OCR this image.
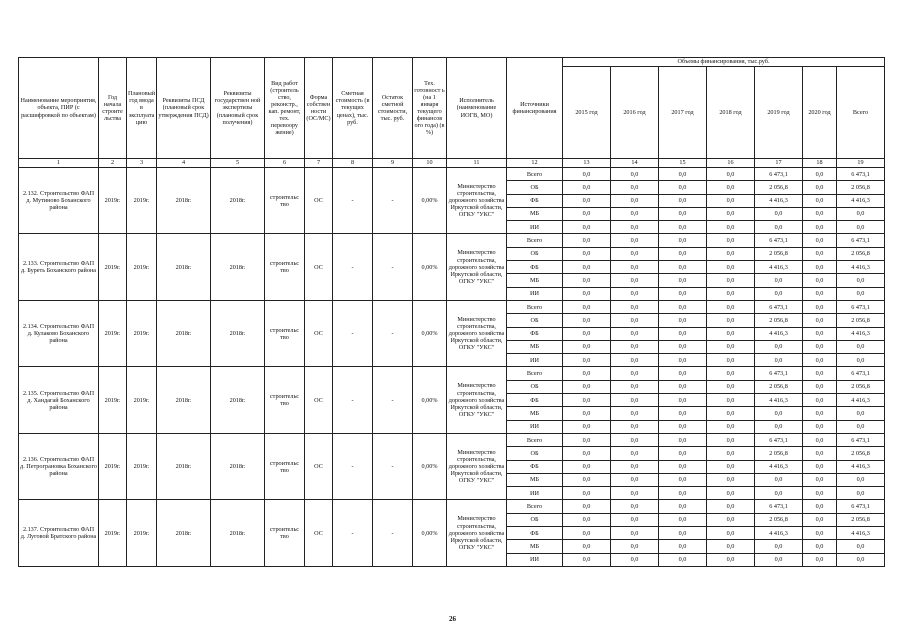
Наименование мероприятия, объекта, ПИР (с расшифровкой по объектам)	Год начала строите льства	Плановый год ввода в эксплуата цию	Реквизиты ПСД (плановый срок утверждения ПСД)	Реквизиты государствен ной экспертизы (плановый срок получения)	Вид работ (строитель ство, реконстр., кап. ремонт, тех. перевоору жение)	Форма собствен ности (ОС/МС)	Сметная стоимость (в текущих ценах), тыс. руб.	Остаток сметной стоимости, тыс. руб.	Тех. готовност ь (на 1 января текущего финансов ого года) (в %)	Исполнитель (наименование ИОГВ, МО)	Источники финансирования	Объемы финансирования, тыс.руб.						
												2015 год	2016 год	2017 год	2018 год	2019 год	2020 год	Всего
1	2	3	4	5	6	7	8	9	10	11	12	13	14	15	16	17	18	19
2.132. Строительство ФАП д. Мутиново Боханского района	2019г.	2019г.	2018г.	2018г.	строительс тво	ОС	-	-	0,00%	Министерство строительства, дорожного хозяйства Иркутской области, ОГКУ "УКС"	Всего	0,0	0,0	0,0	0,0	6 473,1	0,0	6 473,1
											ОБ	0,0	0,0	0,0	0,0	2 056,8	0,0	2 056,8
											ФБ	0,0	0,0	0,0	0,0	4 416,3	0,0	4 416,3
											МБ	0,0	0,0	0,0	0,0	0,0	0,0	0,0
											ИИ	0,0	0,0	0,0	0,0	0,0	0,0	0,0
2.133. Строительство ФАП д. Буреть Боханского района	2019г.	2019г.	2018г.	2018г.	строительс тво	ОС	-	-	0,00%	Министерство строительства, дорожного хозяйства Иркутской области, ОГКУ "УКС"	Всего	0,0	0,0	0,0	0,0	6 473,1	0,0	6 473,1
											ОБ	0,0	0,0	0,0	0,0	2 056,8	0,0	2 056,8
											ФБ	0,0	0,0	0,0	0,0	4 416,3	0,0	4 416,3
											МБ	0,0	0,0	0,0	0,0	0,0	0,0	0,0
											ИИ	0,0	0,0	0,0	0,0	0,0	0,0	0,0
2.134. Строительство ФАП д. Кулаково Боханского района	2019г.	2019г.	2018г.	2018г.	строительс тво	ОС	-	-	0,00%	Министерство строительства, дорожного хозяйства Иркутской области, ОГКУ "УКС"	Всего	0,0	0,0	0,0	0,0	6 473,1	0,0	6 473,1
											ОБ	0,0	0,0	0,0	0,0	2 056,8	0,0	2 056,8
											ФБ	0,0	0,0	0,0	0,0	4 416,3	0,0	4 416,3
											МБ	0,0	0,0	0,0	0,0	0,0	0,0	0,0
											ИИ	0,0	0,0	0,0	0,0	0,0	0,0	0,0
2.135. Строительство ФАП д. Хандагай Боханского района	2019г.	2019г.	2018г.	2018г.	строительс тво	ОС	-	-	0,00%	Министерство строительства, дорожного хозяйства Иркутской области, ОГКУ "УКС"	Всего	0,0	0,0	0,0	0,0	6 473,1	0,0	6 473,1
											ОБ	0,0	0,0	0,0	0,0	2 056,8	0,0	2 056,8
											ФБ	0,0	0,0	0,0	0,0	4 416,3	0,0	4 416,3
											МБ	0,0	0,0	0,0	0,0	0,0	0,0	0,0
											ИИ	0,0	0,0	0,0	0,0	0,0	0,0	0,0
2.136. Строительство ФАП д. Петрограновка Боханского района	2019г.	2019г.	2018г.	2018г.	строительс тво	ОС	-	-	0,00%	Министерство строительства, дорожного хозяйства Иркутской области, ОГКУ "УКС"	Всего	0,0	0,0	0,0	0,0	6 473,1	0,0	6 473,1
											ОБ	0,0	0,0	0,0	0,0	2 056,8	0,0	2 056,8
											ФБ	0,0	0,0	0,0	0,0	4 416,3	0,0	4 416,3
											МБ	0,0	0,0	0,0	0,0	0,0	0,0	0,0
											ИИ	0,0	0,0	0,0	0,0	0,0	0,0	0,0
2.137. Строительство ФАП д. Луговой Братского района	2019г.	2019г.	2018г.	2018г.	строительс тво	ОС	-	-	0,00%	Министерство строительства, дорожного хозяйства Иркутской области, ОГКУ "УКС"	Всего	0,0	0,0	0,0	0,0	6 473,1	0,0	6 473,1
											ОБ	0,0	0,0	0,0	0,0	2 056,8	0,0	2 056,8
											ФБ	0,0	0,0	0,0	0,0	4 416,3	0,0	4 416,3
											МБ	0,0	0,0	0,0	0,0	0,0	0,0	0,0
											ИИ	0,0	0,0	0,0	0,0	0,0	0,0	0,0
26
